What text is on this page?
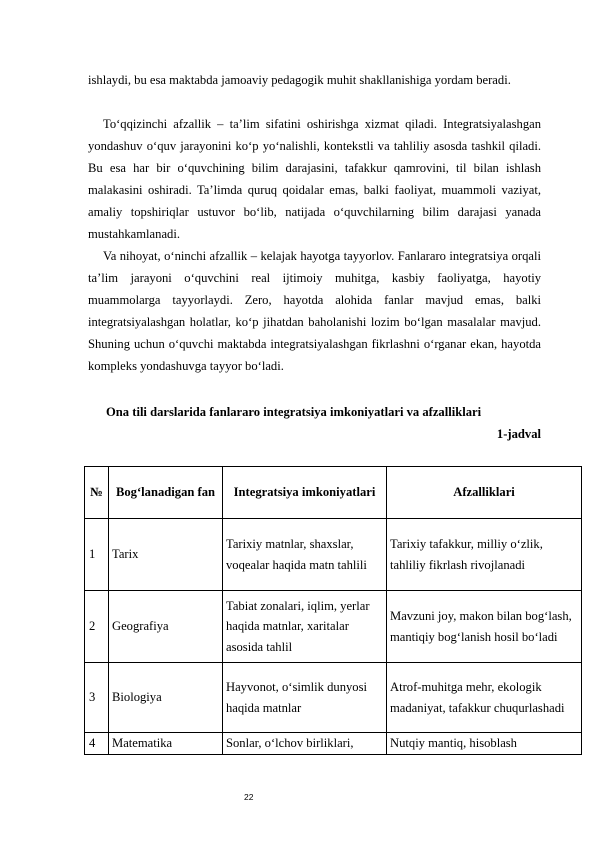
ishlaydi, bu esa maktabda jamoaviy pedagogik muhit shakllanishiga yordam beradi.
To‘qqizinchi afzallik – ta’lim sifatini oshirishga xizmat qiladi. Integratsiyalashgan yondashuv o‘quv jarayonini ko‘p yo‘nalishli, kontekstli va tahliliy asosda tashkil qiladi. Bu esa har bir o‘quvchining bilim darajasini, tafakkur qamrovini, til bilan ishlash malakasini oshiradi. Ta’limda quruq qoidalar emas, balki faoliyat, muammoli vaziyat, amaliy topshiriqlar ustuvor bo‘lib, natijada o‘quvchilarning bilim darajasi yanada mustahkamlanadi.
Va nihoyat, o‘ninchi afzallik – kelajak hayotga tayyorlov. Fanlararo integratsiya orqali ta’lim jarayoni o‘quvchini real ijtimoiy muhitga, kasbiy faoliyatga, hayotiy muammolarga tayyorlaydi. Zero, hayotda alohida fanlar mavjud emas, balki integratsiyalashgan holatlar, ko‘p jihatdan baholanishi lozim bo‘lgan masalalar mavjud. Shuning uchun o‘quvchi maktabda integratsiyalashgan fikrlashni o‘rganar ekan, hayotda kompleks yondashuvga tayyor bo‘ladi.
Ona tili darslarida fanlararo integratsiya imkoniyatlari va afzalliklari
1-jadval
№	Bog‘lanadigan fan	Integratsiya imkoniyatlari	Afzalliklari
1	Tarix	Tarixiy matnlar, shaxslar, voqealar haqida matn tahlili	Tarixiy tafakkur, milliy o‘zlik, tahliliy fikrlash rivojlanadi
2	Geografiya	Tabiat zonalari, iqlim, yerlar haqida matnlar, xaritalar asosida tahlil	Mavzuni joy, makon bilan bog‘lash, mantiqiy bog‘lanish hosil bo‘ladi
3	Biologiya	Hayvonot, o‘simlik dunyosi haqida matnlar	Atrof-muhitga mehr, ekologik madaniyat, tafakkur chuqurlashadi
4	Matematika	Sonlar, o‘lchov birliklari,	Nutqiy mantiq, hisoblash
22
